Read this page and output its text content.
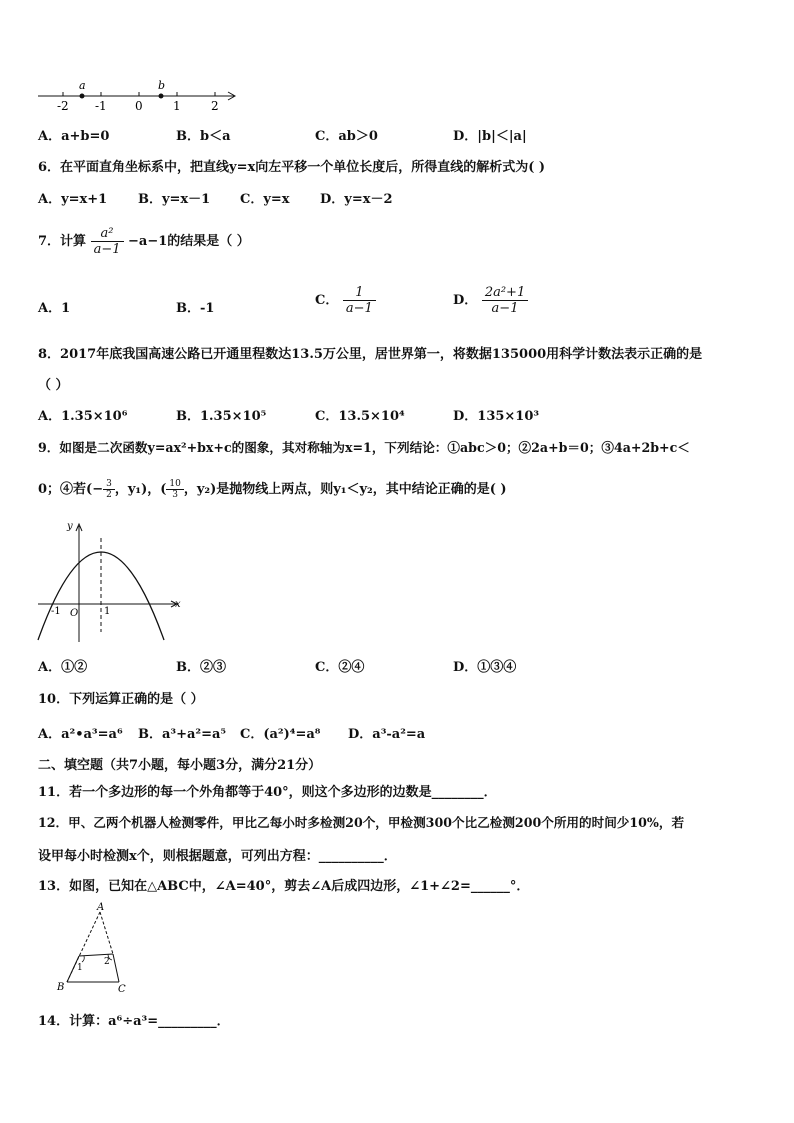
a	b
-2 -1 0	1	2
A．a+b=0	B．b＜a	C．ab＞0	D．|b|＜|a|
6．在平面直角坐标系中，把直线y=x向左平移一个单位长度后，所得直线的解析式为( )
A．y=x+1 B．y=x－1 C．y=x D．y=x－2
7．计算 $\frac{\text{a²}}{a-1} -a-1$的结果是（ ）
A．1	B．-1
C． $\frac{1}{a-1}$	D． $\frac{\text{2a²+1}}{a-1}$
8．2017年底我国高速公路已开通里程数达13.5万公里，居世界第一，将数据135000用科学计数法表示正确的是
（ ）
A．1.35×10⁶	B．1.35×10⁵	C．13.5×10⁴	D．135×10³
9．如图是二次函数y=ax²+bx+c的图象，其对称轴为x=1，下列结论：①abc＞0；②2a+b＝0；③4a+2b+c＜
0；④若(− $\frac{3}{2}$ ，y₁)，( $\frac{10}{3}$ ，y₂)是抛物线上两点，则y₁＜y₂，其中结论正确的是( )
y
x
O
-1	1
A．①②	B．②③	C．②④	D．①③④
10．下列运算正确的是（ ）
A．a²•a³=a⁶ B．a³+a²=a⁵ C．(a²)⁴=a⁸ D．a³-a²=a
二、填空题（共7小题，每小题3分，满分21分）
11．若一个多边形的每一个外角都等于40°，则这个多边形的边数是________．
12．甲、乙两个机器人检测零件，甲比乙每小时多检测20个，甲检测300个比乙检测200个所用的时间少10%，若
设甲每小时检测x个，则根据题意，可列出方程：__________．
13．如图，已知在△ABC中，∠A=40°，剪去∠A后成四边形，∠1+∠2=______°．
A
B	C
1
2
14．计算：a⁶÷a³=_________．
